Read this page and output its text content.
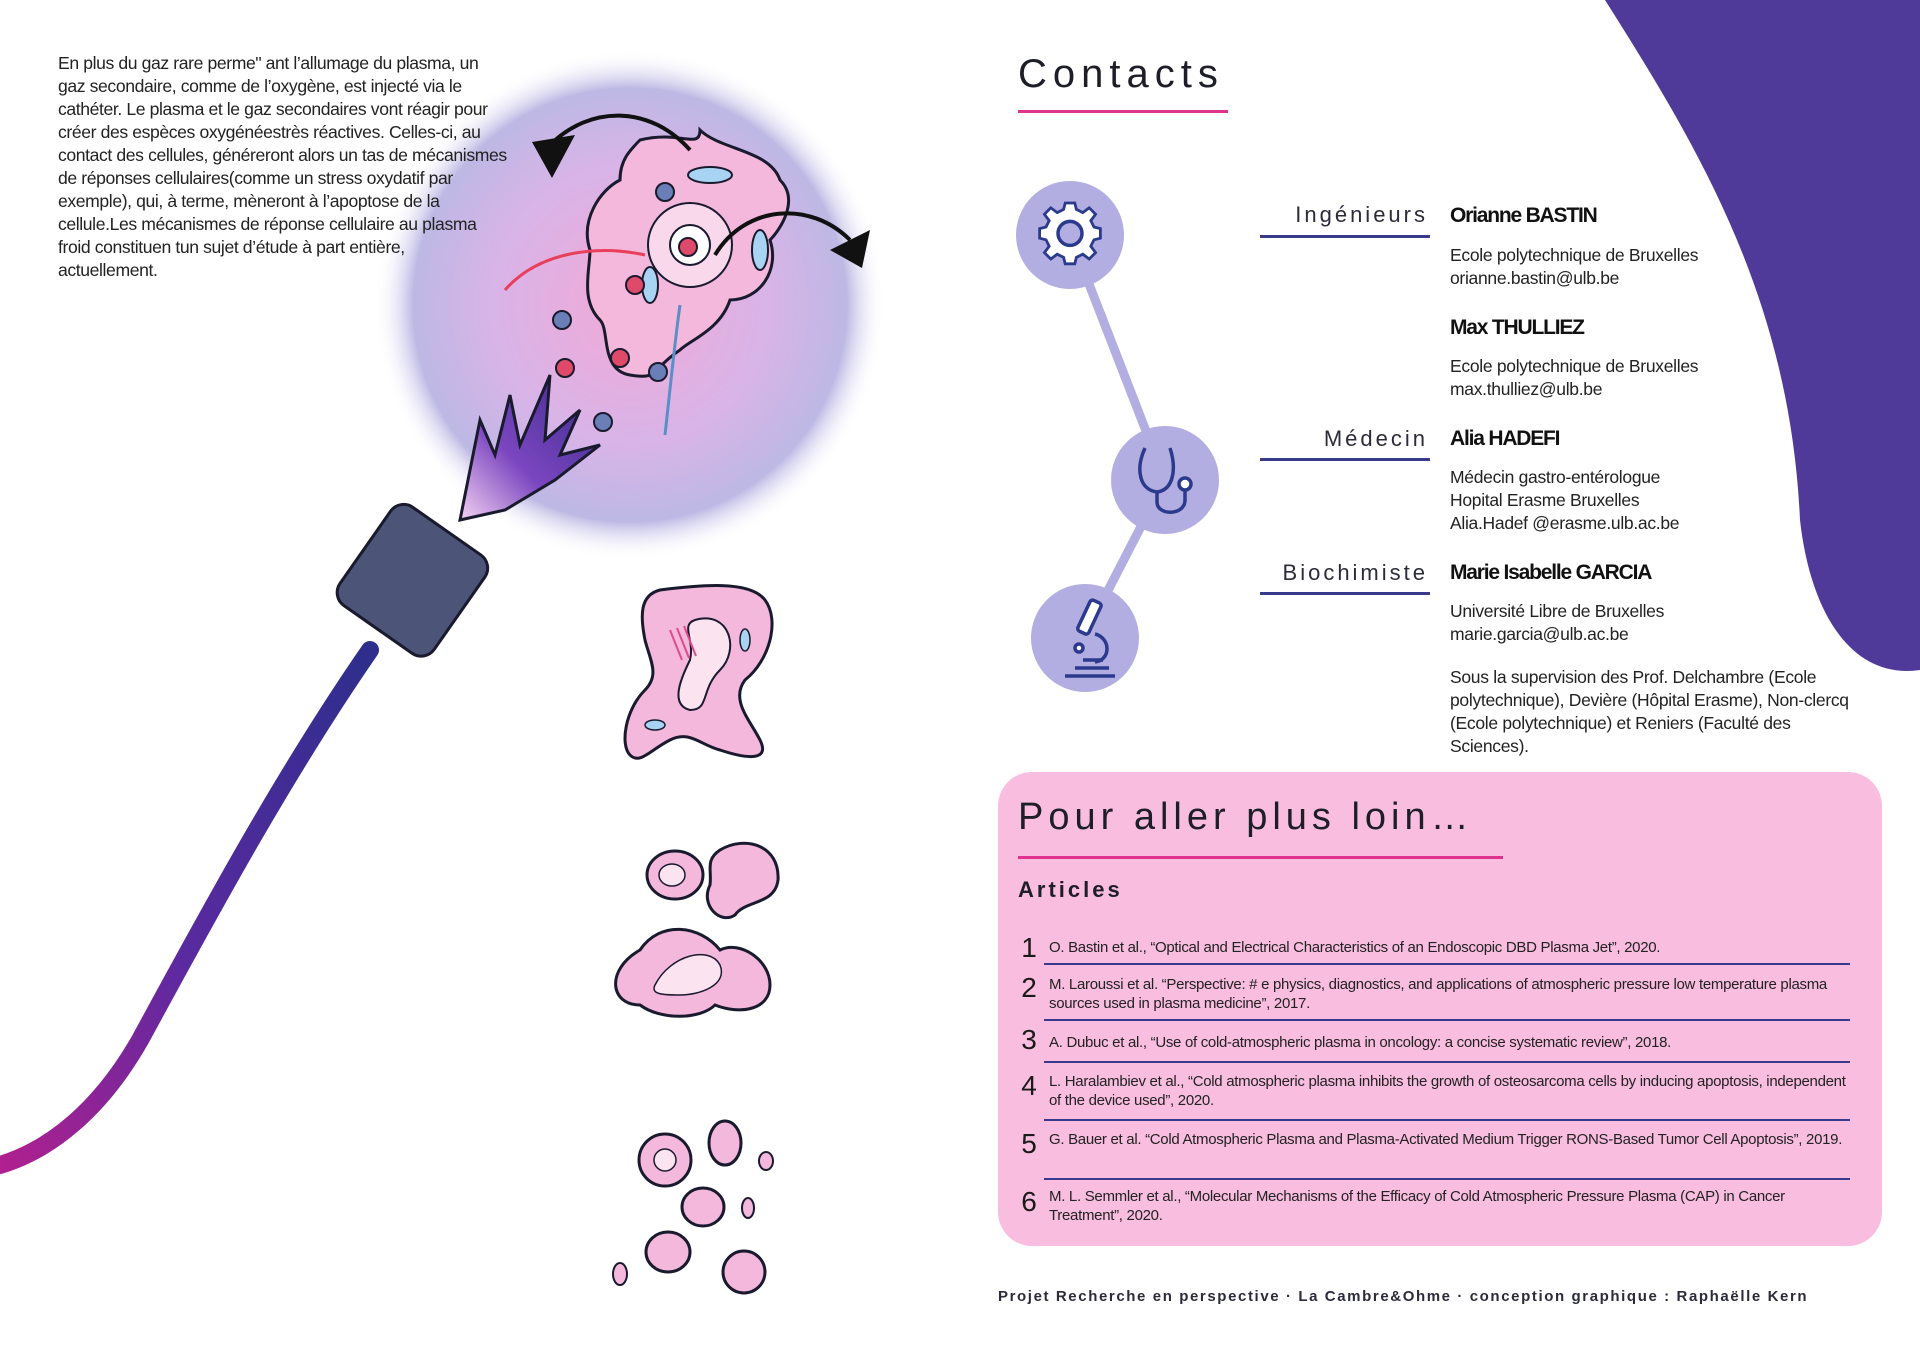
En plus du gaz rare perme" ant l’allumage du plasma, un gaz secondaire, comme de l’oxygène, est injecté via le cathéter. Le plasma et le gaz secondaires vont réagir pour créer des espèces oxygénéestrès réactives. Celles-ci, au contact des cellules, généreront alors un tas de mécanismes de réponses cellulaires(comme un stress oxydatif par exemple), qui, à terme, mèneront à l’apoptose de la cellule.Les mécanismes de réponse cellulaire au plasma froid constituen tun sujet d’étude à part entière, actuellement.
Contacts
Ingénieurs Orianne BASTIN
Ecole polytechnique de Bruxelles
orianne.bastin@ulb.be
Max THULLIEZ
Ecole polytechnique de Bruxelles
max.thulliez@ulb.be
Médecin Alia HADEFI
Médecin gastro-entérologue
Hopital Erasme Bruxelles
Alia.Hadef @erasme.ulb.ac.be
Biochimiste Marie Isabelle GARCIA
Université Libre de Bruxelles
marie.garcia@ulb.ac.be
Sous la supervision des Prof. Delchambre (Ecole polytechnique), Devière (Hôpital Erasme), Non-clercq (Ecole polytechnique) et Reniers (Faculté des Sciences).
Pour aller plus loin…
Articles
1 O. Bastin et al., “Optical and Electrical Characteristics of an Endoscopic DBD Plasma Jet”, 2020.
2 M. Laroussi et al. “Perspective: # e physics, diagnostics, and applications of atmospheric pressure low temperature plasma sources used in plasma medicine”, 2017.
3 A. Dubuc et al., “Use of cold-atmospheric plasma in oncology: a concise systematic review”, 2018.
4 L. Haralambiev et al., “Cold atmospheric plasma inhibits the growth of osteosarcoma cells by inducing apoptosis, independent of the device used”, 2020.
5 G. Bauer et al. “Cold Atmospheric Plasma and Plasma-Activated Medium Trigger RONS-Based Tumor Cell Apoptosis”, 2019.
6 M. L. Semmler et al., “Molecular Mechanisms of the Efficacy of Cold Atmospheric Pressure Plasma (CAP) in Cancer Treatment”, 2020.
Projet Recherche en perspective · La Cambre&Ohme · conception graphique : Raphaëlle Kern
